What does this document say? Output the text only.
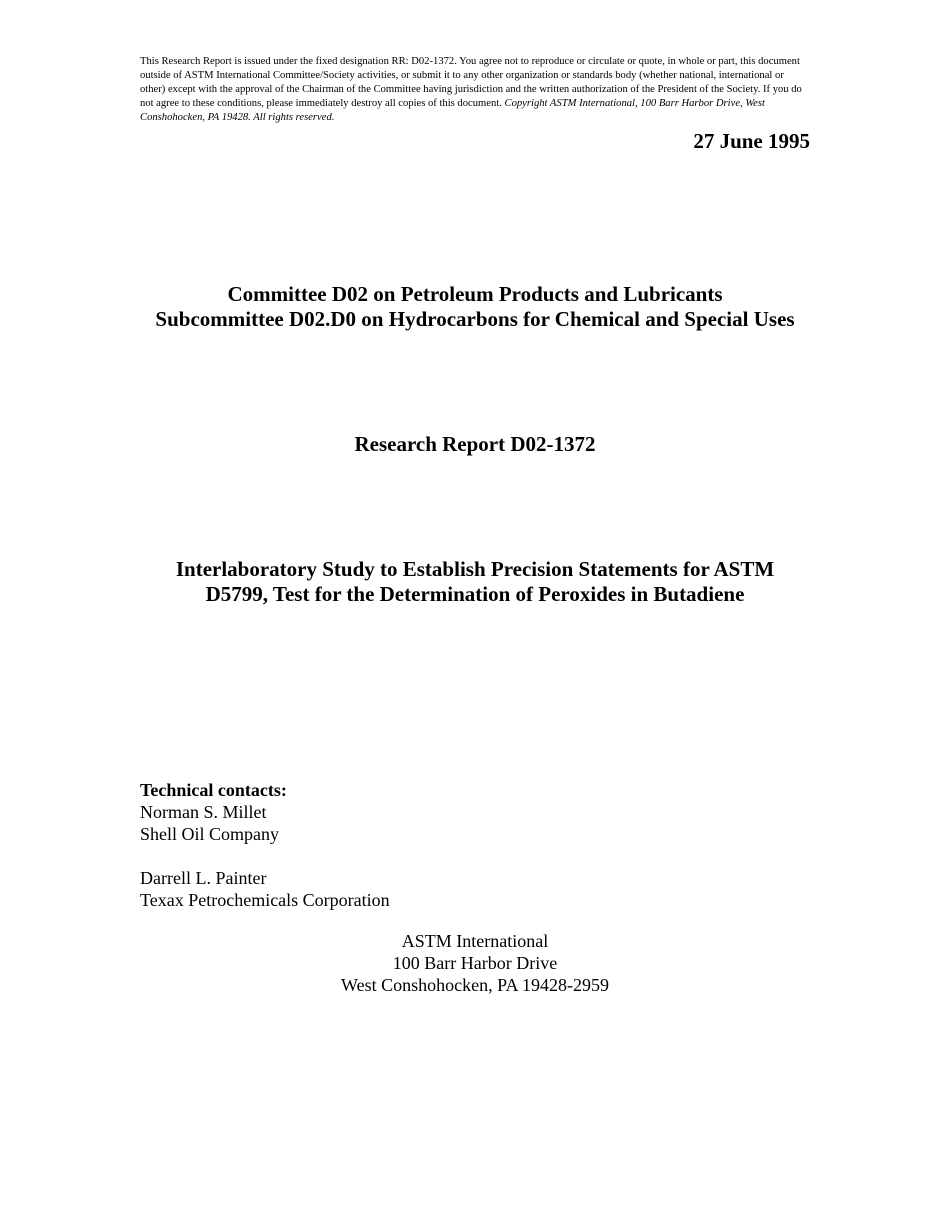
This Research Report is issued under the fixed designation RR: D02-1372. You agree not to reproduce or circulate or quote, in whole or part, this document outside of ASTM International Committee/Society activities, or submit it to any other organization or standards body (whether national, international or other) except with the approval of the Chairman of the Committee having jurisdiction and the written authorization of the President of the Society. If you do not agree to these conditions, please immediately destroy all copies of this document. Copyright ASTM International, 100 Barr Harbor Drive, West Conshohocken, PA 19428. All rights reserved.
27 June 1995
Committee D02 on Petroleum Products and Lubricants
Subcommittee D02.D0 on Hydrocarbons for Chemical and Special Uses
Research Report D02-1372
Interlaboratory Study to Establish Precision Statements for ASTM
D5799, Test for the Determination of Peroxides in Butadiene
Technical contacts:
Norman S. Millet
Shell Oil Company
Darrell L. Painter
Texax Petrochemicals Corporation
ASTM International
100 Barr Harbor Drive
West Conshohocken, PA 19428-2959
